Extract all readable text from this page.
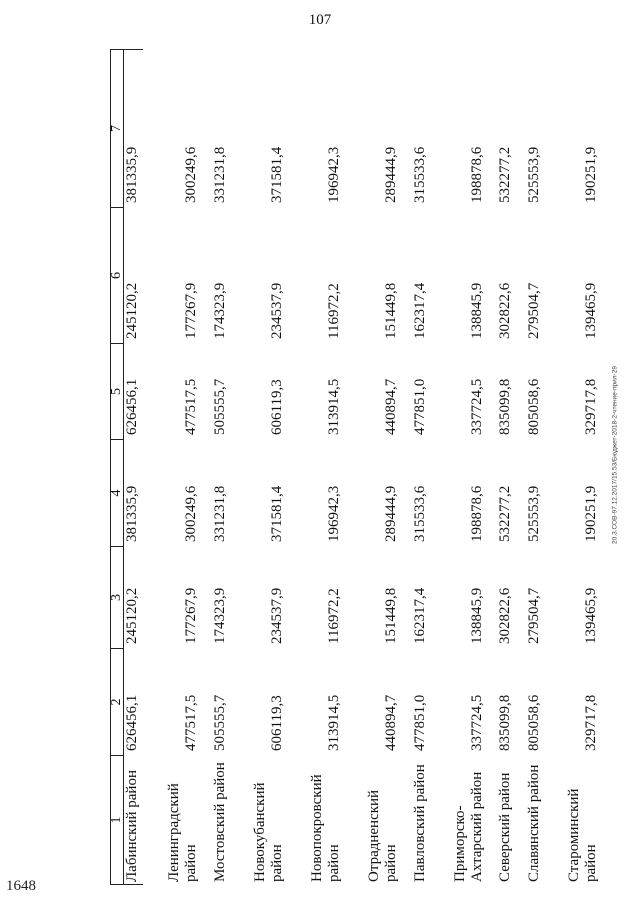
107
1648
20.3.СОВ-97.12.2017/15.53/Бюджет-2018-2-чтение-прил-29
1	2	3	4	5	6	7
Лабинский район	626456,1	245120,2	381335,9	626456,1	245120,2	381335,9
Ленинградский район	477517,5	177267,9	300249,6	477517,5	177267,9	300249,6
Мостовский район	505555,7	174323,9	331231,8	505555,7	174323,9	331231,8
Новокубанский район	606119,3	234537,9	371581,4	606119,3	234537,9	371581,4
Новопокровский район	313914,5	116972,2	196942,3	313914,5	116972,2	196942,3
Отрадненский район	440894,7	151449,8	289444,9	440894,7	151449,8	289444,9
Павловский район	477851,0	162317,4	315533,6	477851,0	162317,4	315533,6
Приморско-Ахтарский район	337724,5	138845,9	198878,6	337724,5	138845,9	198878,6
Северский район	835099,8	302822,6	532277,2	835099,8	302822,6	532277,2
Славянский район	805058,6	279504,7	525553,9	805058,6	279504,7	525553,9
Староминский район	329717,8	139465,9	190251,9	329717,8	139465,9	190251,9
